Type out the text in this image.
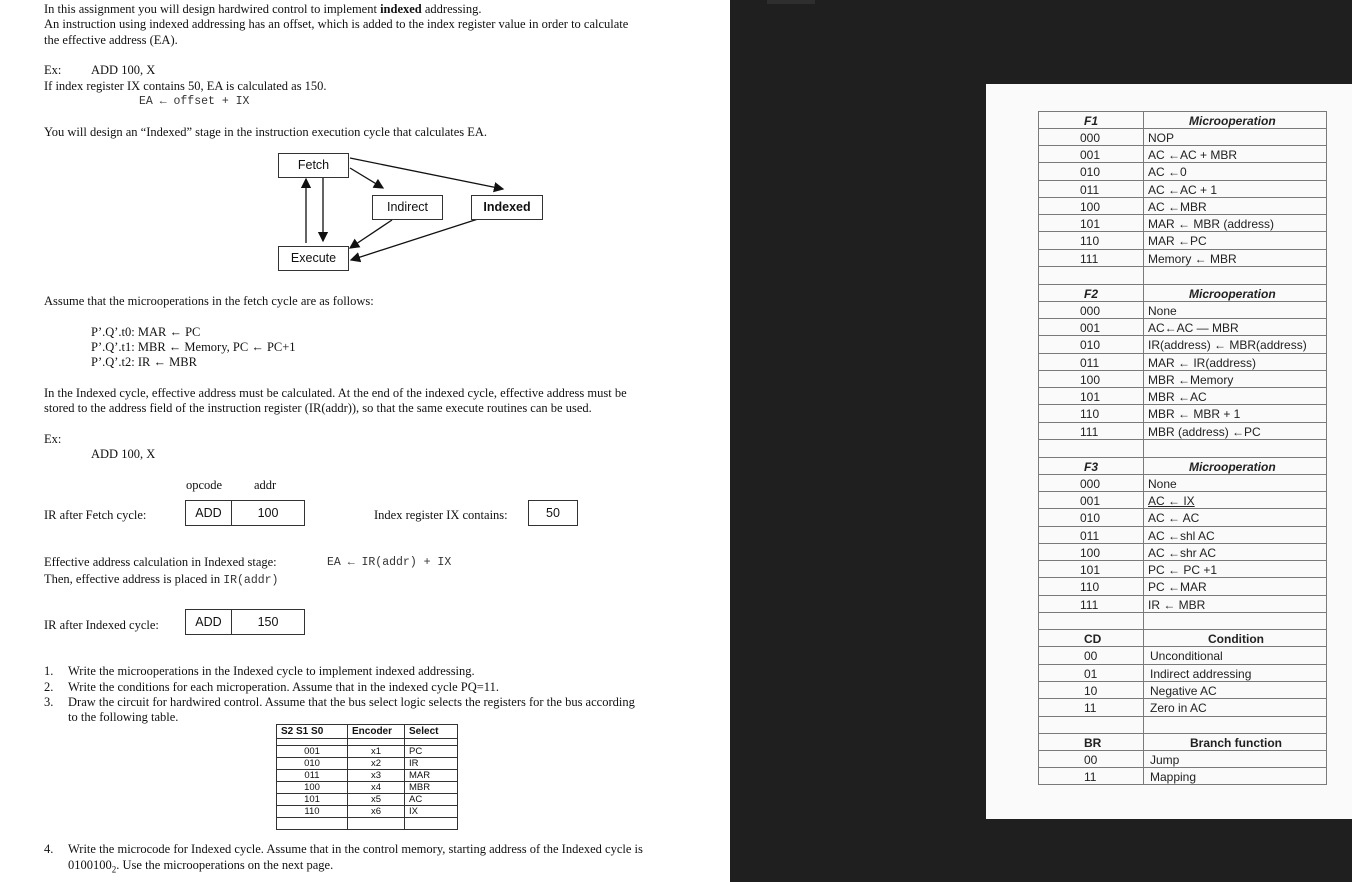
In this assignment you will design hardwired control to implement indexed addressing.
An instruction using indexed addressing has an offset, which is added to the index register value in order to calculate
the effective address (EA).
Ex: ADD 100, X
If index register IX contains 50, EA is calculated as 150.
EA ← offset + IX
You will design an “Indexed” stage in the instruction execution cycle that calculates EA.
Fetch
Indirect	Indexed
Execute
Assume that the microoperations in the fetch cycle are as follows:
P’.Q’.t0: MAR ← PC
P’.Q’.t1: MBR ← Memory, PC ← PC+1
P’.Q’.t2: IR ← MBR
In the Indexed cycle, effective address must be calculated. At the end of the indexed cycle, effective address must be
stored to the address field of the instruction register (IR(addr)), so that the same execute routines can be used.
Ex:
ADD 100, X
opcode	addr
IR after Fetch cycle:	ADD	100	Index register IX contains:	50
Effective address calculation in Indexed stage:	EA ← IR(addr) + IX
Then, effective address is placed in IR(addr)
IR after Indexed cycle:	ADD	150
1. Write the microoperations in the Indexed cycle to implement indexed addressing.
2. Write the conditions for each microperation. Assume that in the indexed cycle PQ=11.
3. Draw the circuit for hardwired control. Assume that the bus select logic selects the registers for the bus according
to the following table.
S2 S1 S0	Encoder	Select

001	x1	PC
010	x2	IR
011	x3	MAR
100	x4	MBR
101	x5	AC
110	x6	IX

4. Write the microcode for Indexed cycle. Assume that in the control memory, starting address of the Indexed cycle is
$0100100_2$. Use the microoperations on the next page.
F1	Microoperation
000	NOP
001	AC ←AC + MBR
010	AC ←0
011	AC ←AC + 1
100	AC ←MBR
101	MAR ← MBR (address)
110	MAR ←PC
111	Memory ← MBR
F2	Microoperation
000	None
001	AC←AC — MBR
010	IR(address) ← MBR(address)
011	MAR ← IR(address)
100	MBR ←Memory
101	MBR ←AC
110	MBR ← MBR + 1
111	MBR (address) ←PC
F3	Microoperation
000	None
001	AC ← IX
010	AC ← AC
011	AC ←shl AC
100	AC ←shr AC
101	PC ← PC +1
110	PC ←MAR
111	IR ← MBR
CD	Condition
00	Unconditional
01	Indirect addressing
10	Negative AC
11	Zero in AC
BR	Branch function
00	Jump
11	Mapping
